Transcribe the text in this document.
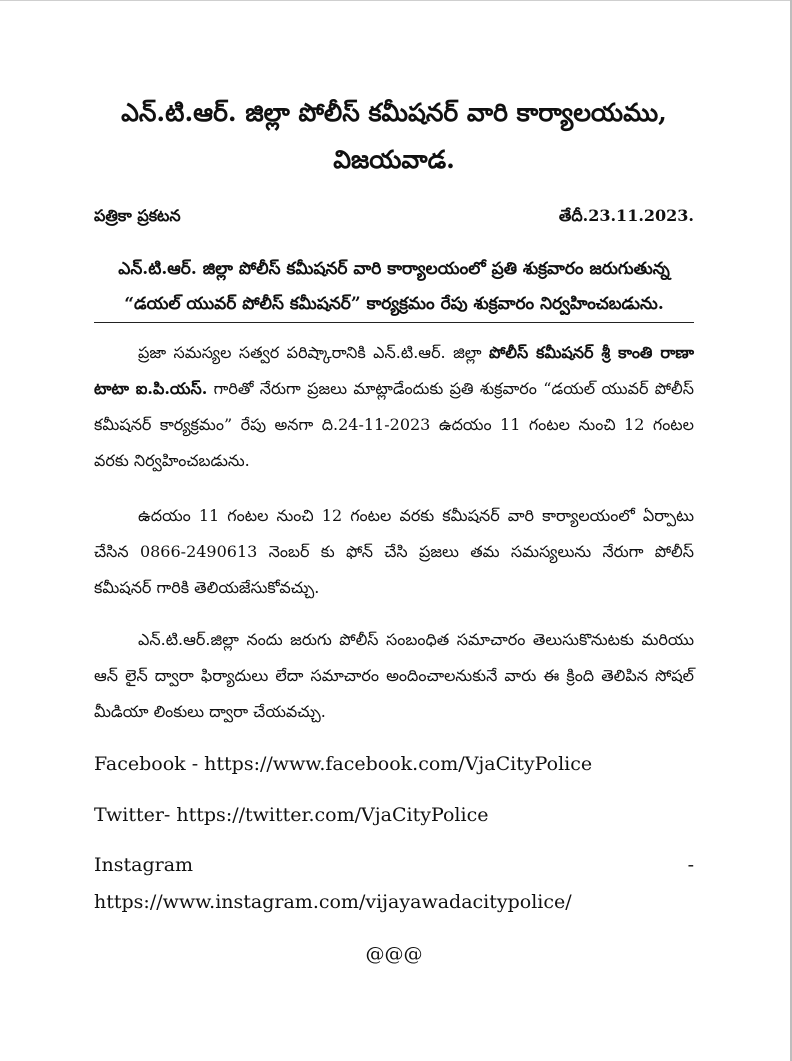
ఎన్.టి.ఆర్. జిల్లా పోలీస్ కమీషనర్ వారి కార్యాలయము,
విజయవాడ.
పత్రికా ప్రకటన	తేదీ.23.11.2023.
ఎన్.టి.ఆర్. జిల్లా పోలీస్ కమీషనర్ వారి కార్యాలయంలో ప్రతి శుక్రవారం జరుగుతున్న
“డయల్ యువర్ పోలీస్ కమీషనర్” కార్యక్రమం రేపు శుక్రవారం నిర్వహించబడును.
ప్రజా సమస్యల సత్వర పరిష్కారానికి ఎన్.టి.ఆర్. జిల్లా పోలీస్ కమీషనర్ శ్రీ కాంతి రాణా టాటా ఐ.పి.యస్. గారితో నేరుగా ప్రజలు మాట్లాడేందుకు ప్రతి శుక్రవారం “డయల్ యువర్ పోలీస్ కమీషనర్ కార్యక్రమం” రేపు అనగా ది.24-11-2023 ఉదయం 11 గంటల నుంచి 12 గంటల వరకు నిర్వహించబడును.
ఉదయం 11 గంటల నుంచి 12 గంటల వరకు కమీషనర్ వారి కార్యాలయంలో ఏర్పాటు చేసిన 0866-2490613 నెంబర్ కు ఫోన్ చేసి ప్రజలు తమ సమస్యలును నేరుగా పోలీస్ కమీషనర్ గారికి తెలియజేసుకోవచ్చు.
ఎన్.టి.ఆర్.జిల్లా నందు జరుగు పోలీస్ సంబంధిత సమాచారం తెలుసుకొనుటకు మరియు ఆన్ లైన్ ద్వారా ఫిర్యాదులు లేదా సమాచారం అందించాలనుకునే వారు ఈ క్రింది తెలిపిన సోషల్ మీడియా లింకులు ద్వారా చేయవచ్చు.
Facebook - https://www.facebook.com/VjaCityPolice
Twitter- https://twitter.com/VjaCityPolice
Instagram	-
https://www.instagram.com/vijayawadacitypolice/
@@@
